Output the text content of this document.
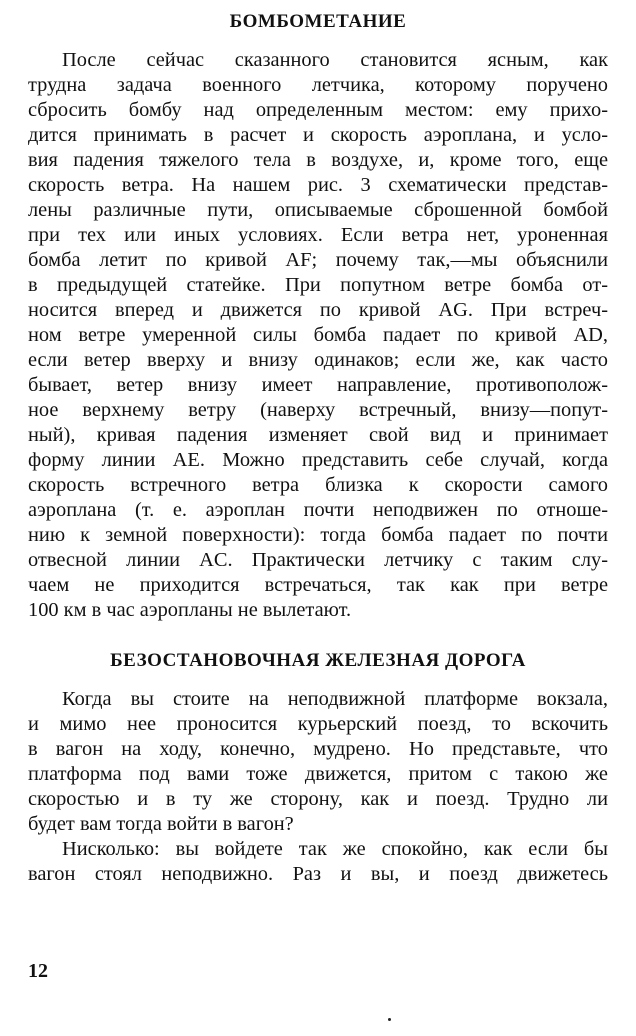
БОМБОМЕТАНИЕ
После сейчас сказанного становится ясным, как
трудна задача военного летчика, которому поручено
сбросить бомбу над определенным местом: ему прихо-
дится принимать в расчет и скорость аэроплана, и усло-
вия падения тяжелого тела в воздухе, и, кроме того, еще
скорость ветра. На нашем рис. 3 схематически представ-
лены различные пути, описываемые сброшенной бомбой
при тех или иных условиях. Если ветра нет, уроненная
бомба летит по кривой AF; почему так,—мы объяснили
в предыдущей статейке. При попутном ветре бомба от-
носится вперед и движется по кривой AG. При встреч-
ном ветре умеренной силы бомба падает по кривой AD,
если ветер вверху и внизу одинаков; если же, как часто
бывает, ветер внизу имеет направление, противополож-
ное верхнему ветру (наверху встречный, внизу—попут-
ный), кривая падения изменяет свой вид и принимает
форму линии AE. Можно представить себе случай, когда
скорость встречного ветра близка к скорости самого
аэроплана (т. е. аэроплан почти неподвижен по отноше-
нию к земной поверхности): тогда бомба падает по почти
отвесной линии AC. Практически летчику с таким слу-
чаем не приходится встречаться, так как при ветре
100 км в час аэропланы не вылетают.
БЕЗОСТАНОВОЧНАЯ ЖЕЛЕЗНАЯ ДОРОГА
Когда вы стоите на неподвижной платформе вокзала,
и мимо нее проносится курьерский поезд, то вскочить
в вагон на ходу, конечно, мудрено. Но представьте, что
платформа под вами тоже движется, притом с такою же
скоростью и в ту же сторону, как и поезд. Трудно ли
будет вам тогда войти в вагон?
Нисколько: вы войдете так же спокойно, как если бы
вагон стоял неподвижно. Раз и вы, и поезд движетесь
12
